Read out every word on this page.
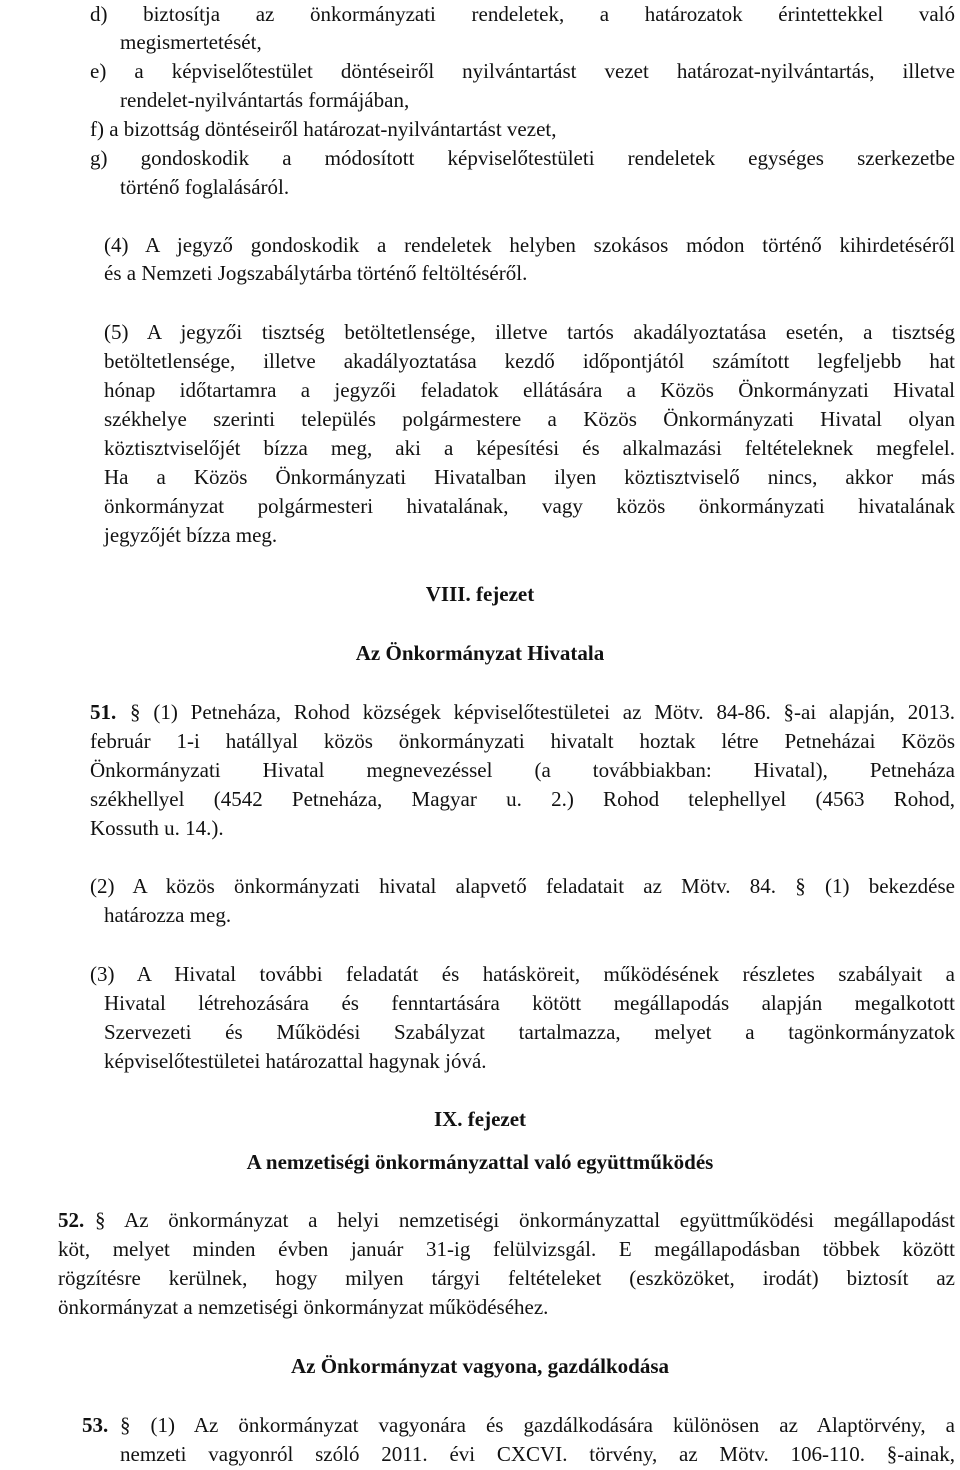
d) biztosítja az önkormányzati rendeletek, a határozatok érintettekkel való
megismertetését,
e) a képviselőtestület döntéseiről nyilvántartást vezet határozat-nyilvántartás, illetve
rendelet-nyilvántartás formájában,
f) a bizottság döntéseiről határozat-nyilvántartást vezet,
g) gondoskodik a módosított képviselőtestületi rendeletek egységes szerkezetbe
történő foglalásáról.
(4) A jegyző gondoskodik a rendeletek helyben szokásos módon történő kihirdetéséről
és a Nemzeti Jogszabálytárba történő feltöltéséről.
(5) A jegyzői tisztség betöltetlensége, illetve tartós akadályoztatása esetén, a tisztség
betöltetlensége, illetve akadályoztatása kezdő időpontjától számított legfeljebb hat
hónap időtartamra a jegyzői feladatok ellátására a Közös Önkormányzati Hivatal
székhelye szerinti település polgármestere a Közös Önkormányzati Hivatal olyan
köztisztviselőjét bízza meg, aki a képesítési és alkalmazási feltételeknek megfelel.
Ha a Közös Önkormányzati Hivatalban ilyen köztisztviselő nincs, akkor más
önkormányzat polgármesteri hivatalának, vagy közös önkormányzati hivatalának
jegyzőjét bízza meg.
VIII. fejezet
Az Önkormányzat Hivatala
51. § (1) Petneháza, Rohod községek képviselőtestületei az Mötv. 84-86. §-ai alapján, 2013.
február 1-i hatállyal közös önkormányzati hivatalt hoztak létre Petneházai Közös
Önkormányzati Hivatal megnevezéssel (a továbbiakban: Hivatal), Petneháza
székhellyel (4542 Petneháza, Magyar u. 2.) Rohod telephellyel (4563 Rohod,
Kossuth u. 14.).
(2) A közös önkormányzati hivatal alapvető feladatait az Mötv. 84. § (1) bekezdése
határozza meg.
(3) A Hivatal további feladatát és hatásköreit, működésének részletes szabályait a
Hivatal létrehozására és fenntartására kötött megállapodás alapján megalkotott
Szervezeti és Működési Szabályzat tartalmazza, melyet a tagönkormányzatok
képviselőtestületei határozattal hagynak jóvá.
IX. fejezet
A nemzetiségi önkormányzattal való együttműködés
52. § Az önkormányzat a helyi nemzetiségi önkormányzattal együttműködési megállapodást
köt, melyet minden évben január 31-ig felülvizsgál. E megállapodásban többek között
rögzítésre kerülnek, hogy milyen tárgyi feltételeket (eszközöket, irodát) biztosít az
önkormányzat a nemzetiségi önkormányzat működéséhez.
Az Önkormányzat vagyona, gazdálkodása
53. § (1) Az önkormányzat vagyonára és gazdálkodására különösen az Alaptörvény, a
nemzeti vagyonról szóló 2011. évi CXCVI. törvény, az Mötv. 106-110. §-ainak,
